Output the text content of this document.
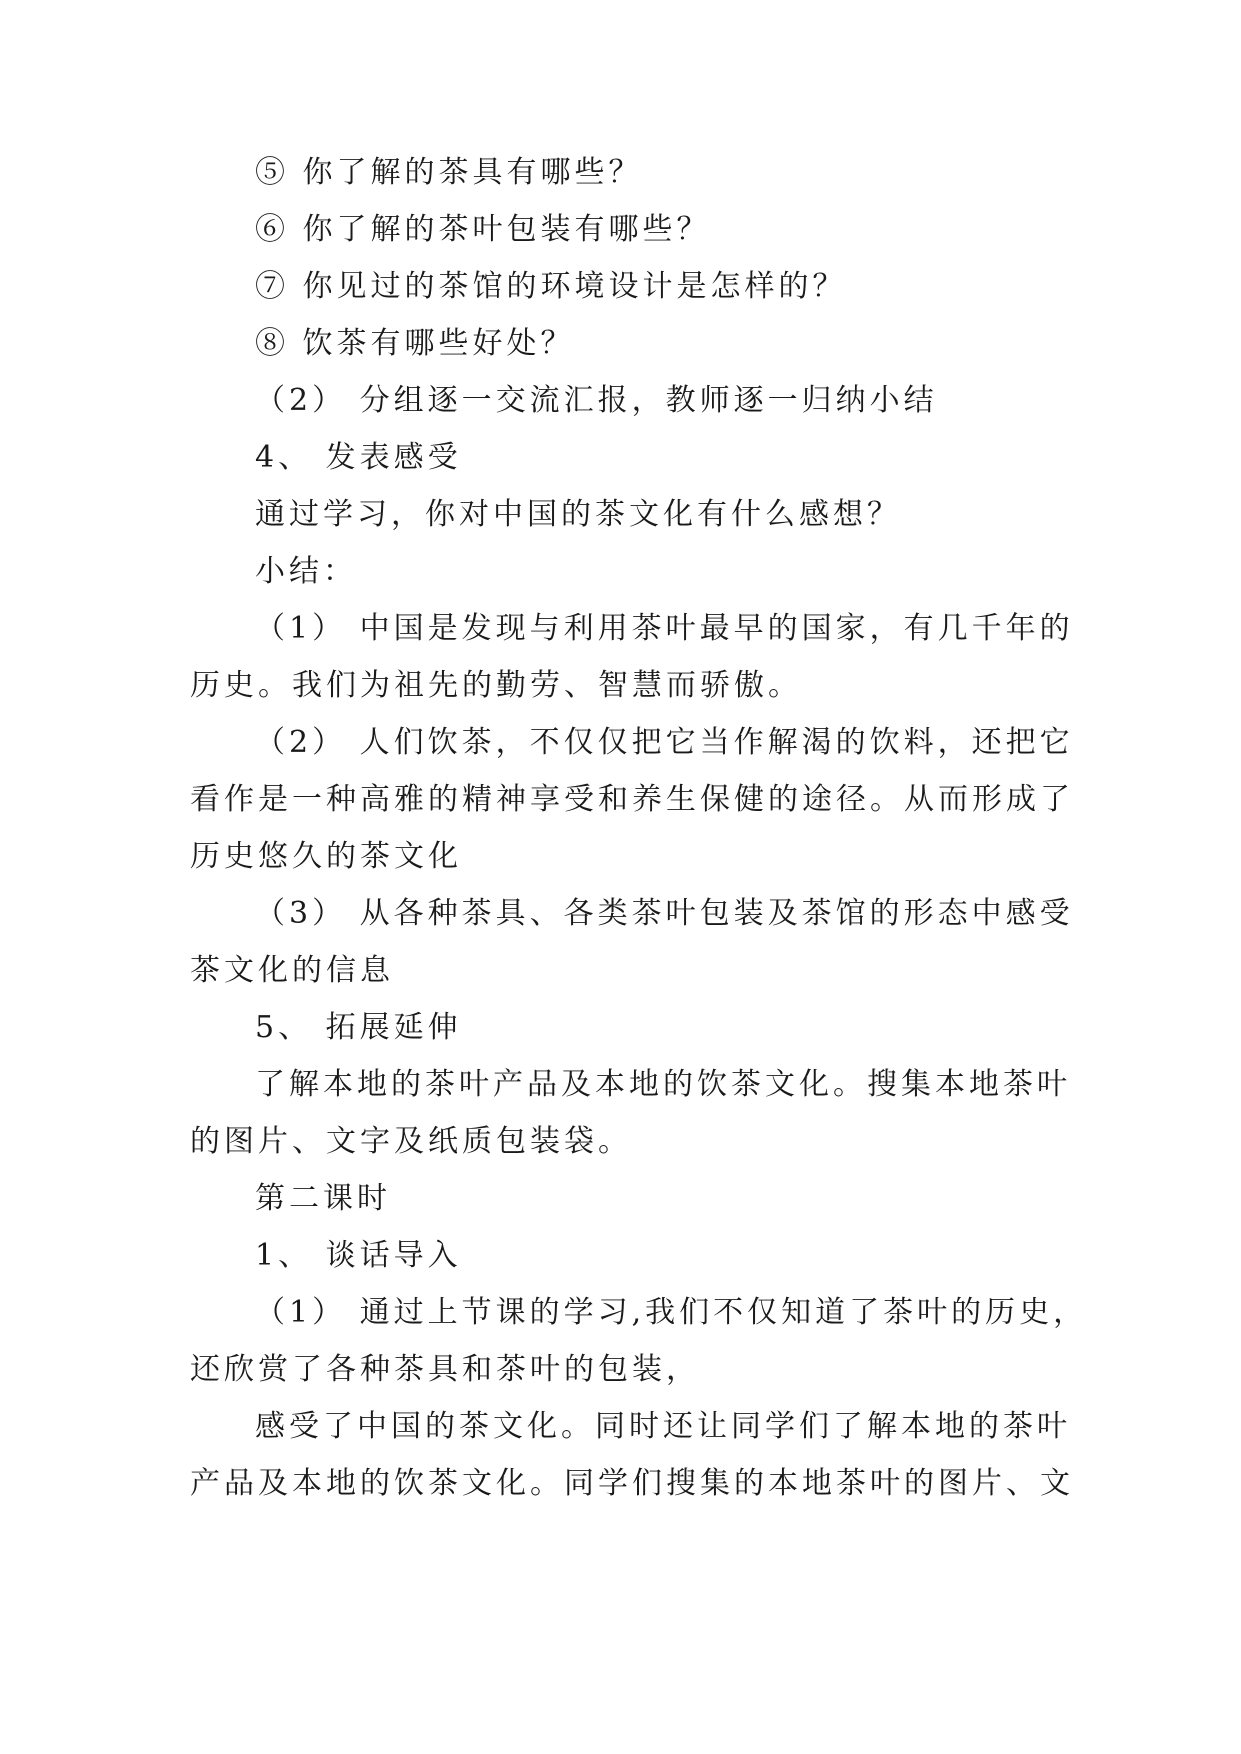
⑤ 你了解的茶具有哪些？
⑥ 你了解的茶叶包装有哪些？
⑦ 你见过的茶馆的环境设计是怎样的？
⑧ 饮茶有哪些好处？
（2） 分组逐一交流汇报，教师逐一归纳小结
4、 发表感受
通过学习，你对中国的茶文化有什么感想？
小结：
（1） 中国是发现与利用茶叶最早的国家，有几千年的
历史。我们为祖先的勤劳、智慧而骄傲。
（2） 人们饮茶，不仅仅把它当作解渴的饮料，还把它
看作是一种高雅的精神享受和养生保健的途径。从而形成了
历史悠久的茶文化
（3） 从各种茶具、各类茶叶包装及茶馆的形态中感受
茶文化的信息
5、 拓展延伸
了解本地的茶叶产品及本地的饮茶文化。搜集本地茶叶
的图片、文字及纸质包装袋。
第二课时
1、 谈话导入
（1） 通过上节课的学习,我们不仅知道了茶叶的历史，
还欣赏了各种茶具和茶叶的包装，
感受了中国的茶文化。同时还让同学们了解本地的茶叶
产品及本地的饮茶文化。同学们搜集的本地茶叶的图片、文
